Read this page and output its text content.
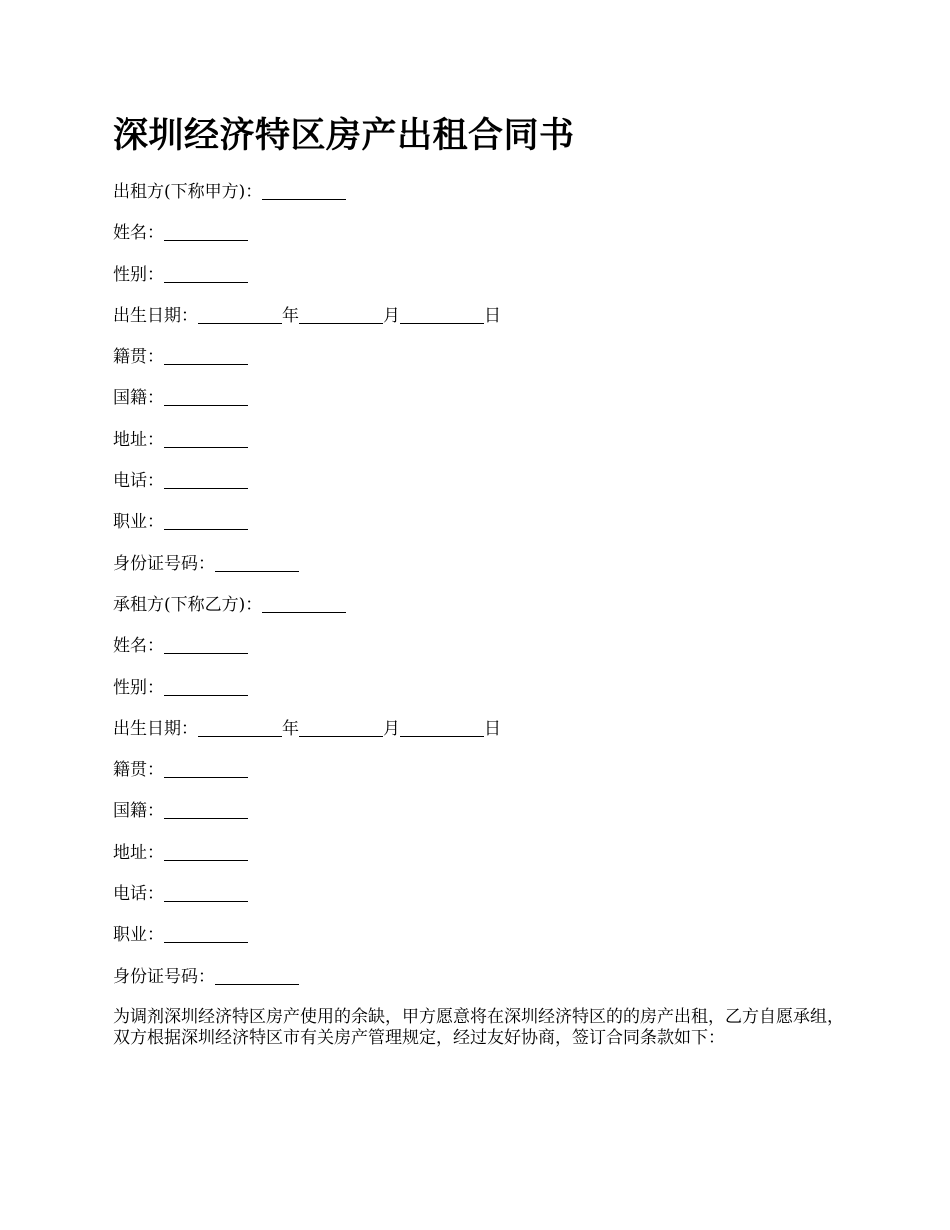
深圳经济特区房产出租合同书
出租方(下称甲方)：
姓名：
性别：
出生日期：	年	月	日
籍贯：
国籍：
地址：
电话：
职业：
身份证号码：
承租方(下称乙方)：
姓名：
性别：
出生日期：	年	月	日
籍贯：
国籍：
地址：
电话：
职业：
身份证号码：

为调剂深圳经济特区房产使用的余缺，甲方愿意将在深圳经济特区的的房产出租，乙方自愿承组，双方根据深圳经济特区市有关房产管理规定，经过友好协商，签订合同条款如下：
